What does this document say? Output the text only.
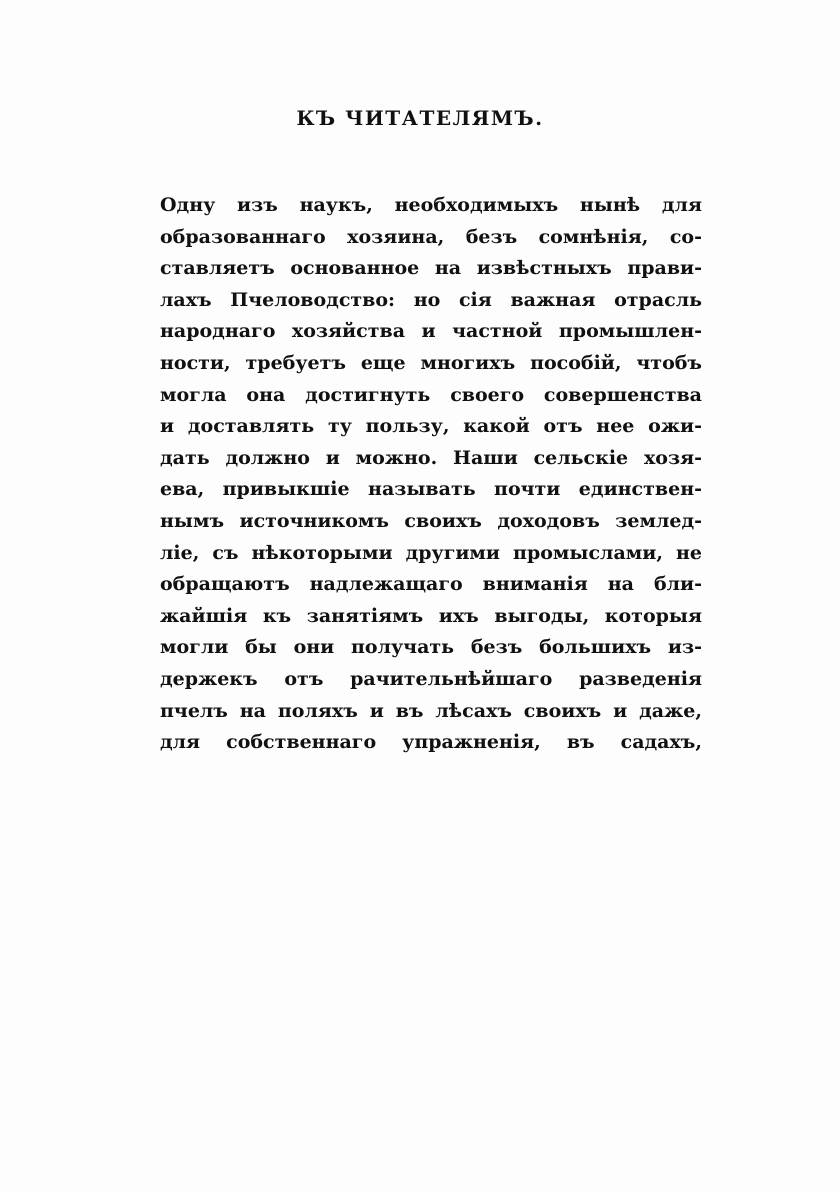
КЪ ЧИТАТЕЛЯМЪ.
Одну изъ наукъ, необходимыхъ нынѣ для
образованнаго хозяина, безъ сомнѣнія, со-
ставляетъ основанное на извѣстныхъ прави-
лахъ Пчеловодство: но сія важная отрасль
народнаго хозяйства и частной промышлен-
ности, требуетъ еще многихъ пособій, чтобъ
могла она достигнуть своего совершенства
и доставлять ту пользу, какой отъ нее ожи-
дать должно и можно. Наши сельскіе хозя-
ева, привыкшіе называть почти единствен-
нымъ источникомъ своихъ доходовъ землед-
ліе, съ нѣкоторыми другими промыслами, не
обращаютъ надлежащаго вниманія на бли-
жайшія къ занятіямъ ихъ выгоды, которыя
могли бы они получать безъ большихъ из-
держекъ отъ рачительнѣйшаго разведенія
пчелъ на поляхъ и въ лѣсахъ своихъ и даже,
для собственнаго упражненія, въ садахъ,
